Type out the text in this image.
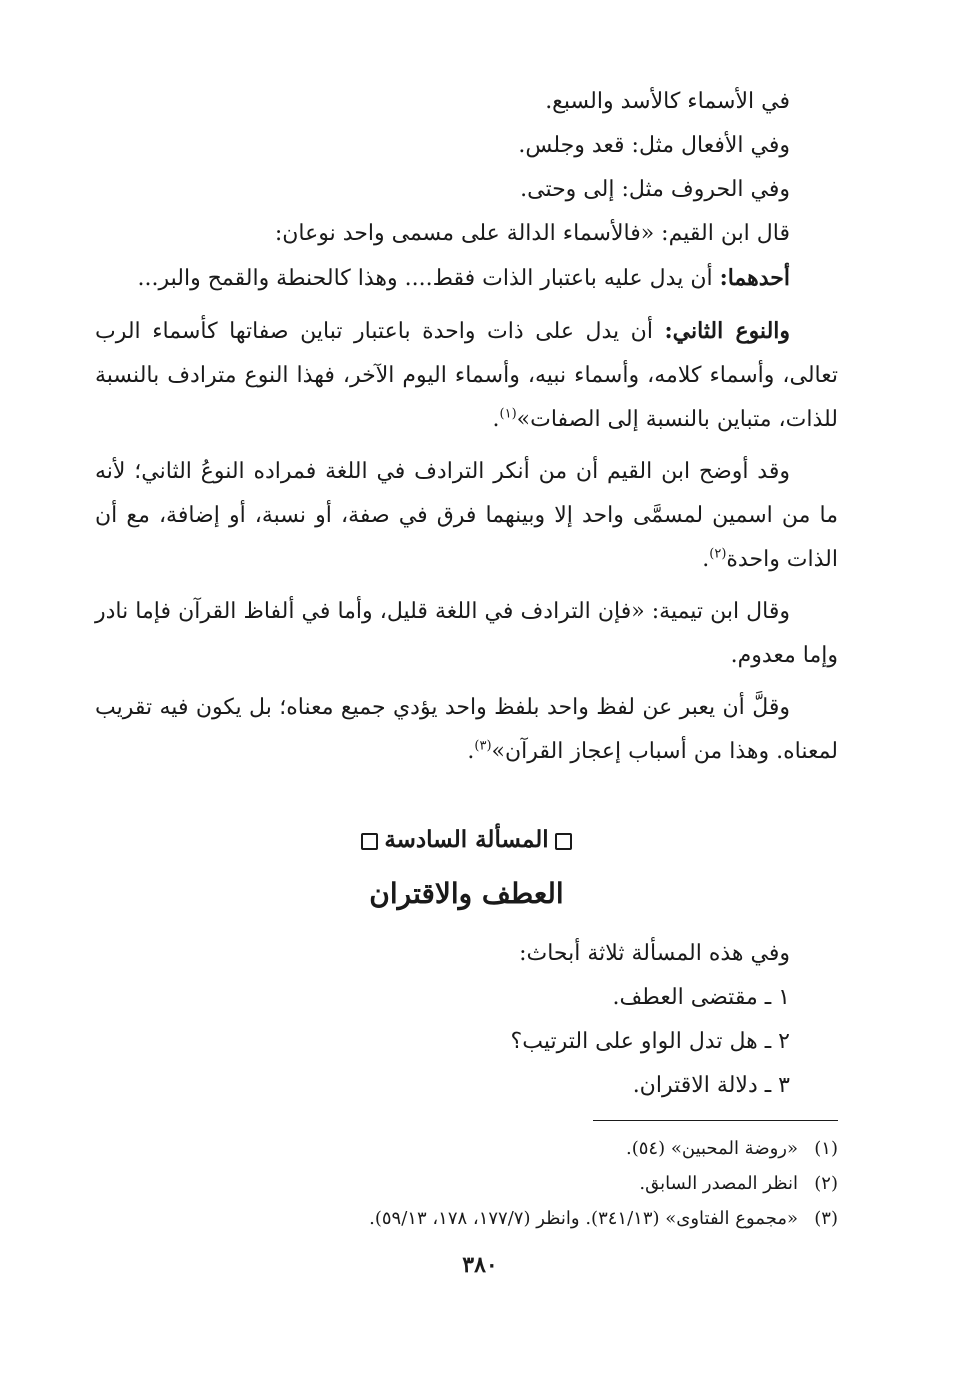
في الأسماء كالأسد والسبع.

وفي الأفعال مثل: قعد وجلس.

وفي الحروف مثل: إلى وحتى.

قال ابن القيم: «فالأسماء الدالة على مسمى واحد نوعان:

أحدهما: أن يدل عليه باعتبار الذات فقط.... وهذا كالحنطة والقمح والبر...

والنوع الثاني: أن يدل على ذات واحدة باعتبار تباين صفاتها كأسماء الرب تعالى، وأسماء كلامه، وأسماء نبيه، وأسماء اليوم الآخر، فهذا النوع مترادف بالنسبة للذات، متباين بالنسبة إلى الصفات»$^{(١)}$.

وقد أوضح ابن القيم أن من أنكر الترادف في اللغة فمراده النوعُ الثاني؛ لأنه ما من اسمين لمسمَّى واحد إلا وبينهما فرق في صفة، أو نسبة، أو إضافة، مع أن الذات واحدة$^{(٢)}$.

وقال ابن تيمية: «فإن الترادف في اللغة قليل، وأما في ألفاظ القرآن فإما نادر وإما معدوم.

وقلَّ أن يعبر عن لفظ واحد بلفظ واحد يؤدي جميع معناه؛ بل يكون فيه تقريب لمعناه. وهذا من أسباب إعجاز القرآن»$^{(٣)}$.

المسألة السادسة
العطف والاقتران

وفي هذه المسألة ثلاثة أبحاث:

١ ـ مقتضى العطف.

٢ ـ هل تدل الواو على الترتيب؟

٣ ـ دلالة الاقتران.

(١)«روضة المحبين» (٥٤).

(٢)انظر المصدر السابق.

(٣)«مجموع الفتاوى» (٣٤١/١٣). وانظر (١٧٧/٧، ١٧٨، ٥٩/١٣).

٣٨٠
